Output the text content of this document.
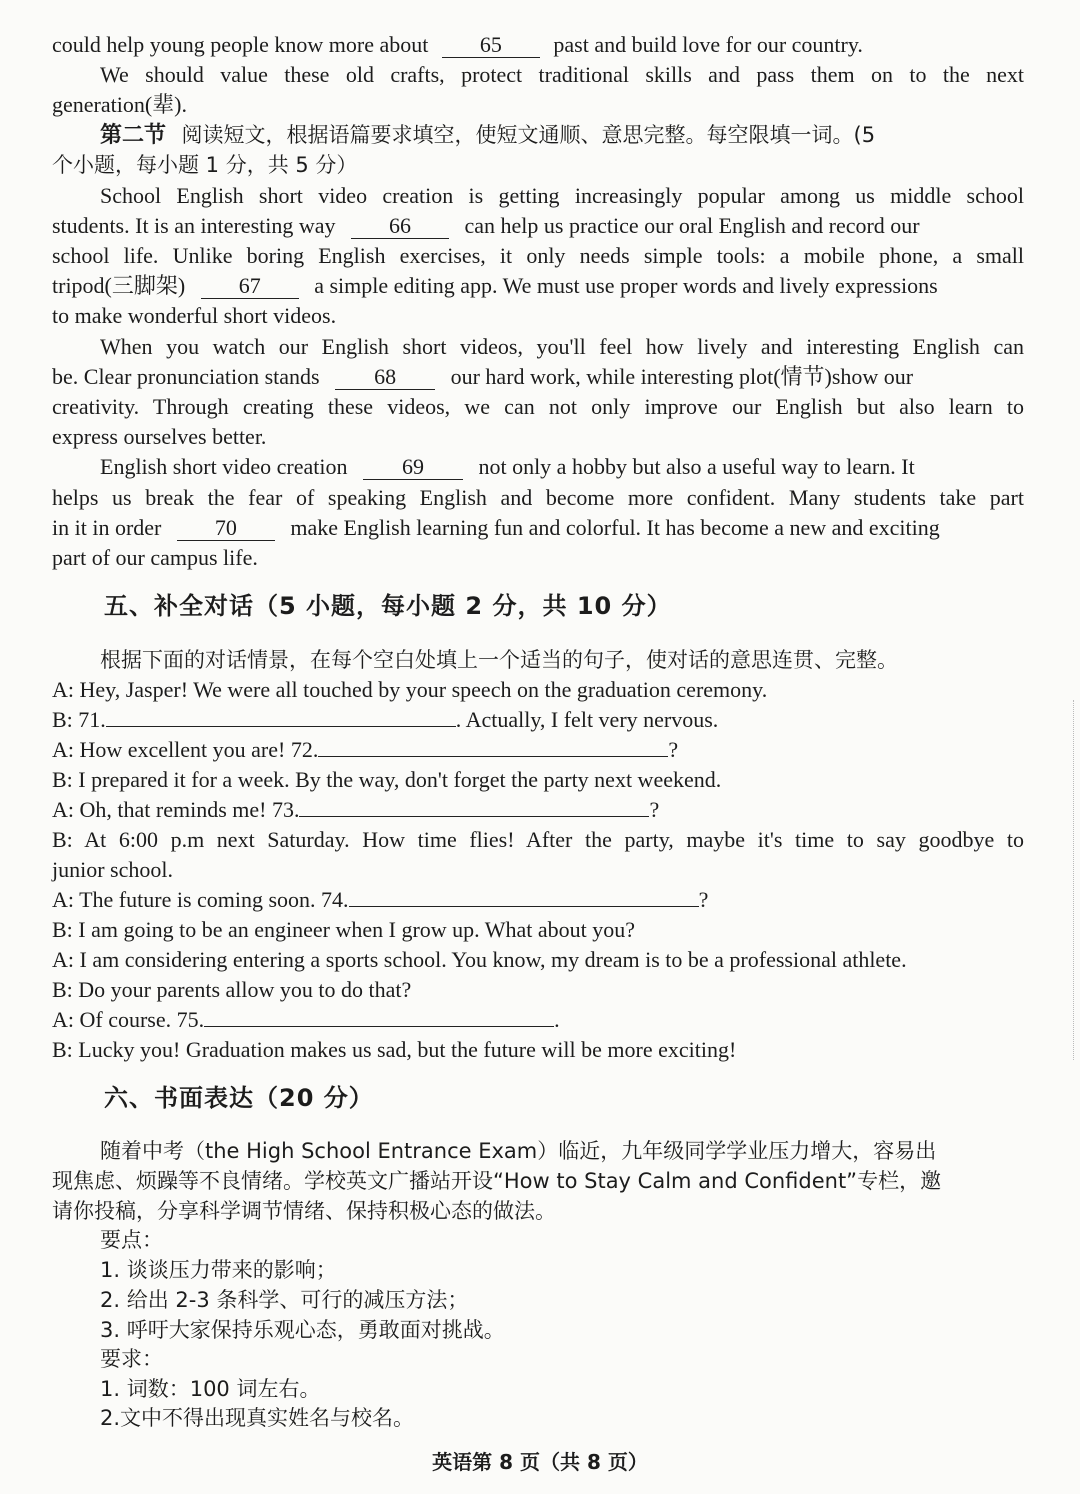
could help young people know more about 65 past and build love for our country.
We should value these old crafts, protect traditional skills and pass them on to the next
generation(辈).
第二节 阅读短文，根据语篇要求填空，使短文通顺、意思完整。每空限填一词。(5
个小题，每小题 1 分，共 5 分）
School English short video creation is getting increasingly popular among us middle school
students. It is an interesting way 66 can help us practice our oral English and record our
school life. Unlike boring English exercises, it only needs simple tools: a mobile phone, a small
tripod(三脚架) 67 a simple editing app. We must use proper words and lively expressions
to make wonderful short videos.
When you watch our English short videos, you'll feel how lively and interesting English can
be. Clear pronunciation stands 68 our hard work, while interesting plot(情节)show our
creativity. Through creating these videos, we can not only improve our English but also learn to
express ourselves better.
English short video creation 69 not only a hobby but also a useful way to learn. It
helps us break the fear of speaking English and become more confident. Many students take part
in it in order 70 make English learning fun and colorful. It has become a new and exciting
part of our campus life.
五、补全对话（5 小题，每小题 2 分，共 10 分）
根据下面的对话情景，在每个空白处填上一个适当的句子，使对话的意思连贯、完整。
A: Hey, Jasper! We were all touched by your speech on the graduation ceremony.
B: 71.	. Actually, I felt very nervous.
A: How excellent you are! 72.	?
B: I prepared it for a week. By the way, don't forget the party next weekend.
A: Oh, that reminds me! 73.	?
B: At 6:00 p.m next Saturday. How time flies! After the party, maybe it's time to say goodbye to
junior school.
A: The future is coming soon. 74.	?
B: I am going to be an engineer when I grow up. What about you?
A: I am considering entering a sports school. You know, my dream is to be a professional athlete.
B: Do your parents allow you to do that?
A: Of course. 75.	.
B: Lucky you! Graduation makes us sad, but the future will be more exciting!
六、书面表达（20 分）
随着中考（the High School Entrance Exam）临近，九年级同学学业压力增大，容易出
现焦虑、烦躁等不良情绪。学校英文广播站开设“How to Stay Calm and Confident”专栏，邀
请你投稿，分享科学调节情绪、保持积极心态的做法。
要点：
1. 谈谈压力带来的影响；
2. 给出 2-3 条科学、可行的减压方法；
3. 呼吁大家保持乐观心态，勇敢面对挑战。
要求：
1. 词数：100 词左右。
2.文中不得出现真实姓名与校名。
英语第 8 页（共 8 页）
